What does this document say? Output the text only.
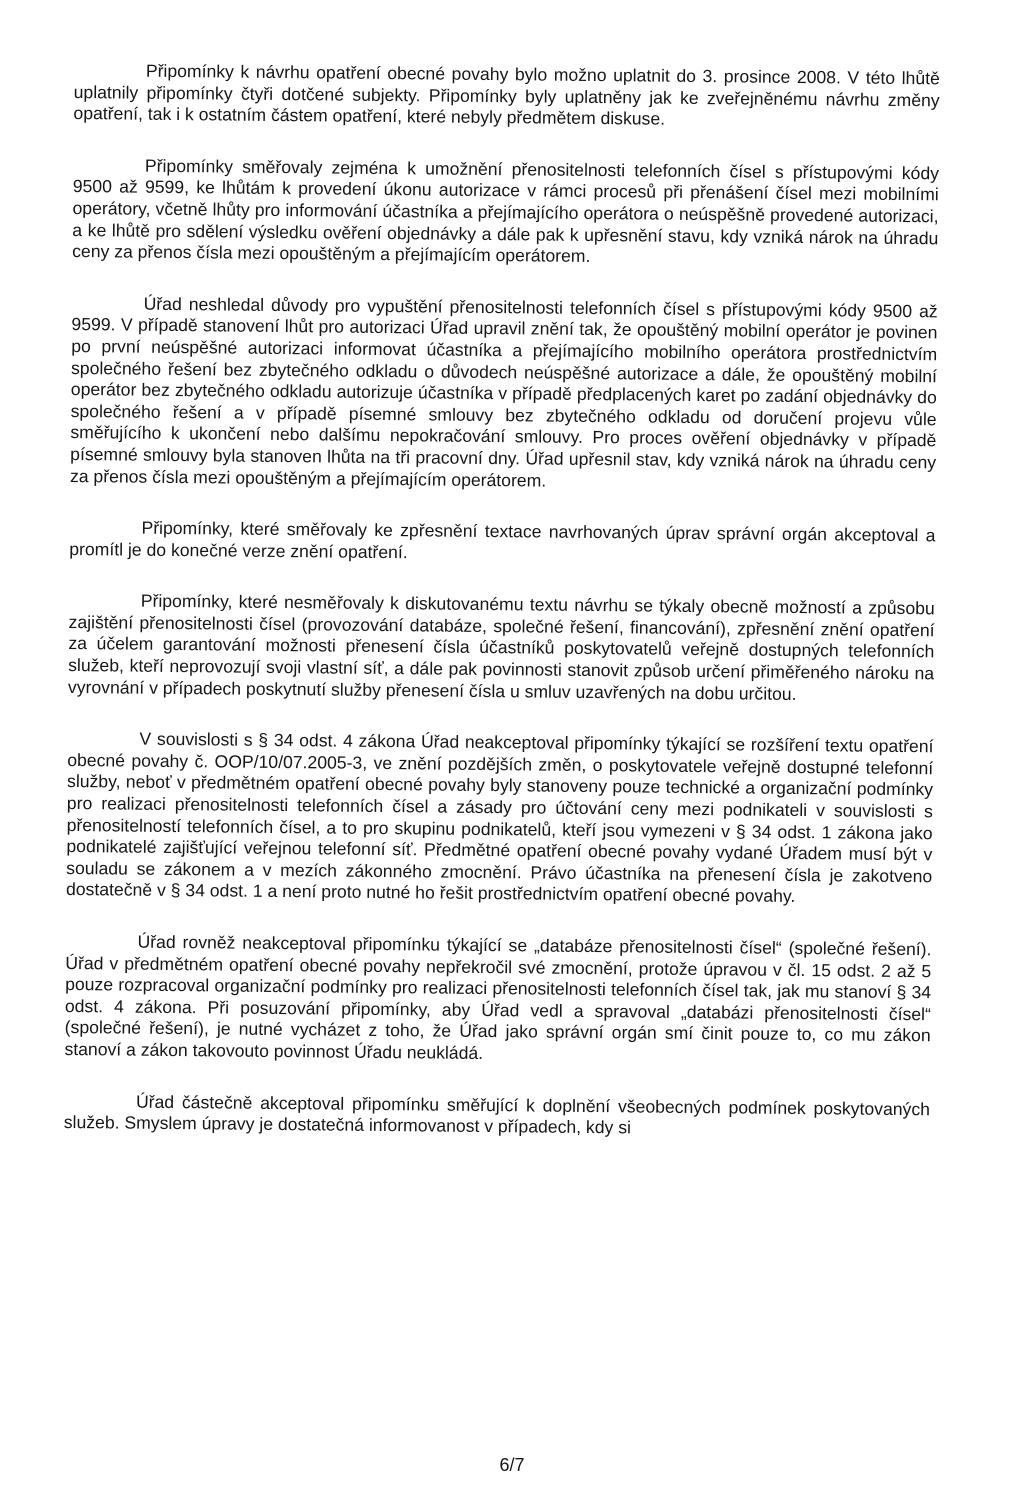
Připomínky k návrhu opatření obecné povahy bylo možno uplatnit do 3. prosince 2008. V této lhůtě uplatnily připomínky čtyři dotčené subjekty. Připomínky byly uplatněny jak ke zveřejněnému návrhu změny opatření, tak i k ostatním částem opatření, které nebyly předmětem diskuse.

Připomínky směřovaly zejména k umožnění přenositelnosti telefonních čísel s přístupovými kódy 9500 až 9599, ke lhůtám k provedení úkonu autorizace v rámci procesů při přenášení čísel mezi mobilními operátory, včetně lhůty pro informování účastníka a přejímajícího operátora o neúspěšně provedené autorizaci, a ke lhůtě pro sdělení výsledku ověření objednávky a dále pak k upřesnění stavu, kdy vzniká nárok na úhradu ceny za přenos čísla mezi opouštěným a přejímajícím operátorem.

Úřad neshledal důvody pro vypuštění přenositelnosti telefonních čísel s přístupovými kódy 9500 až 9599. V případě stanovení lhůt pro autorizaci Úřad upravil znění tak, že opouštěný mobilní operátor je povinen po první neúspěšné autorizaci informovat účastníka a přejímajícího mobilního operátora prostřednictvím společného řešení bez zbytečného odkladu o důvodech neúspěšné autorizace a dále, že opouštěný mobilní operátor bez zbytečného odkladu autorizuje účastníka v případě předplacených karet po zadání objednávky do společného řešení a v případě písemné smlouvy bez zbytečného odkladu od doručení projevu vůle směřujícího k ukončení nebo dalšímu nepokračování smlouvy. Pro proces ověření objednávky v případě písemné smlouvy byla stanoven lhůta na tři pracovní dny. Úřad upřesnil stav, kdy vzniká nárok na úhradu ceny za přenos čísla mezi opouštěným a přejímajícím operátorem.

Připomínky, které směřovaly ke zpřesnění textace navrhovaných úprav správní orgán akceptoval a promítl je do konečné verze znění opatření.

Připomínky, které nesměřovaly k diskutovanému textu návrhu se týkaly obecně možností a způsobu zajištění přenositelnosti čísel (provozování databáze, společné řešení, financování), zpřesnění znění opatření za účelem garantování možnosti přenesení čísla účastníků poskytovatelů veřejně dostupných telefonních služeb, kteří neprovozují svoji vlastní síť, a dále pak povinnosti stanovit způsob určení přiměřeného nároku na vyrovnání v případech poskytnutí služby přenesení čísla u smluv uzavřených na dobu určitou.

V souvislosti s § 34 odst. 4 zákona Úřad neakceptoval připomínky týkající se rozšíření textu opatření obecné povahy č. OOP/10/07.2005-3, ve znění pozdějších změn, o poskytovatele veřejně dostupné telefonní služby, neboť v předmětném opatření obecné povahy byly stanoveny pouze technické a organizační podmínky pro realizaci přenositelnosti telefonních čísel a zásady pro účtování ceny mezi podnikateli v souvislosti s přenositelností telefonních čísel, a to pro skupinu podnikatelů, kteří jsou vymezeni v § 34 odst. 1 zákona jako podnikatelé zajišťující veřejnou telefonní síť. Předmětné opatření obecné povahy vydané Úřadem musí být v souladu se zákonem a v mezích zákonného zmocnění. Právo účastníka na přenesení čísla je zakotveno dostatečně v § 34 odst. 1 a není proto nutné ho řešit prostřednictvím opatření obecné povahy.

Úřad rovněž neakceptoval připomínku týkající se „databáze přenositelnosti čísel“ (společné řešení). Úřad v předmětném opatření obecné povahy nepřekročil své zmocnění, protože úpravou v čl. 15 odst. 2 až 5 pouze rozpracoval organizační podmínky pro realizaci přenositelnosti telefonních čísel tak, jak mu stanoví § 34 odst. 4 zákona. Při posuzování připomínky, aby Úřad vedl a spravoval „databázi přenositelnosti čísel“ (společné řešení), je nutné vycházet z toho, že Úřad jako správní orgán smí činit pouze to, co mu zákon stanoví a zákon takovouto povinnost Úřadu neukládá.

Úřad částečně akceptoval připomínku směřující k doplnění všeobecných podmínek poskytovaných služeb. Smyslem úpravy je dostatečná informovanost v případech, kdy si

6/7
